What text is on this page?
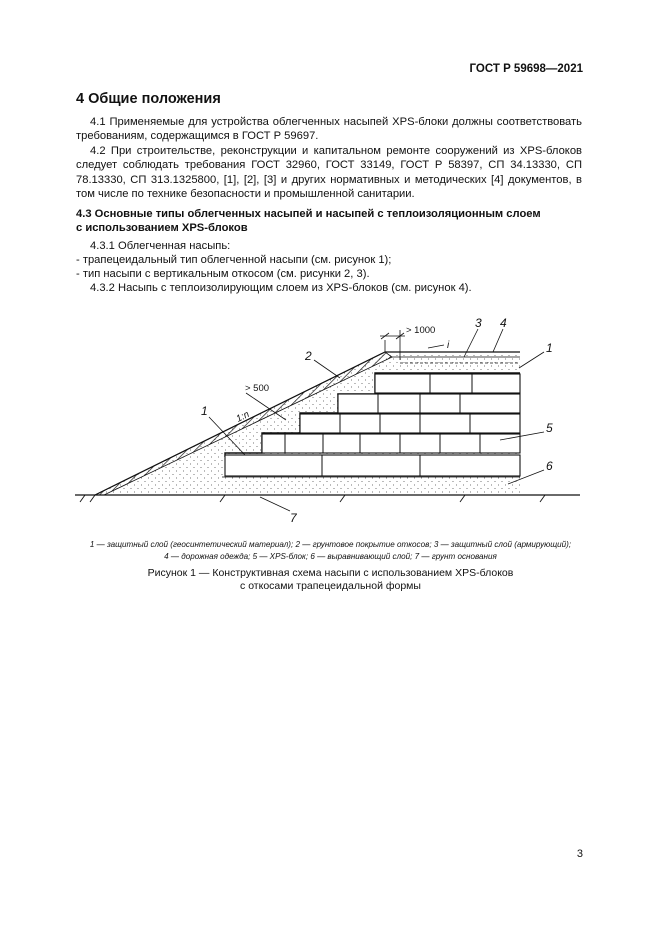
ГОСТ Р 59698—2021
4 Общие положения
4.1 Применяемые для устройства облегченных насыпей XPS-блоки должны соответствовать требованиям, содержащимся в ГОСТ Р 59697.
4.2 При строительстве, реконструкции и капитальном ремонте сооружений из XPS-блоков следует соблюдать требования ГОСТ 32960, ГОСТ 33149, ГОСТ Р 58397, СП 34.13330, СП 78.13330, СП 313.1325800, [1], [2], [3] и других нормативных и методических [4] документов, в том числе по технике безопасности и промышленной санитарии.
4.3 Основные типы облегченных насыпей и насыпей с теплоизоляционным слоем
с использованием XPS-блоков
4.3.1 Облегченная насыпь:
- трапецеидальный тип облегченной насыпи (см. рисунок 1);
- тип насыпи с вертикальным откосом (см. рисунки 2, 3).
4.3.2 Насыпь с теплоизолирующим слоем из XPS-блоков (см. рисунок 4).
> 1000
> 500
1:n
i
2
1
3 4
1
5
6
7
1 — защитный слой (геосинтетический материал); 2 — грунтовое покрытие откосов; 3 — защитный слой (армирующий);
4 — дорожная одежда; 5 — XPS-блок; 6 — выравнивающий слой; 7 — грунт основания
Рисунок 1 — Конструктивная схема насыпи с использованием XPS-блоков
с откосами трапецеидальной формы
3
